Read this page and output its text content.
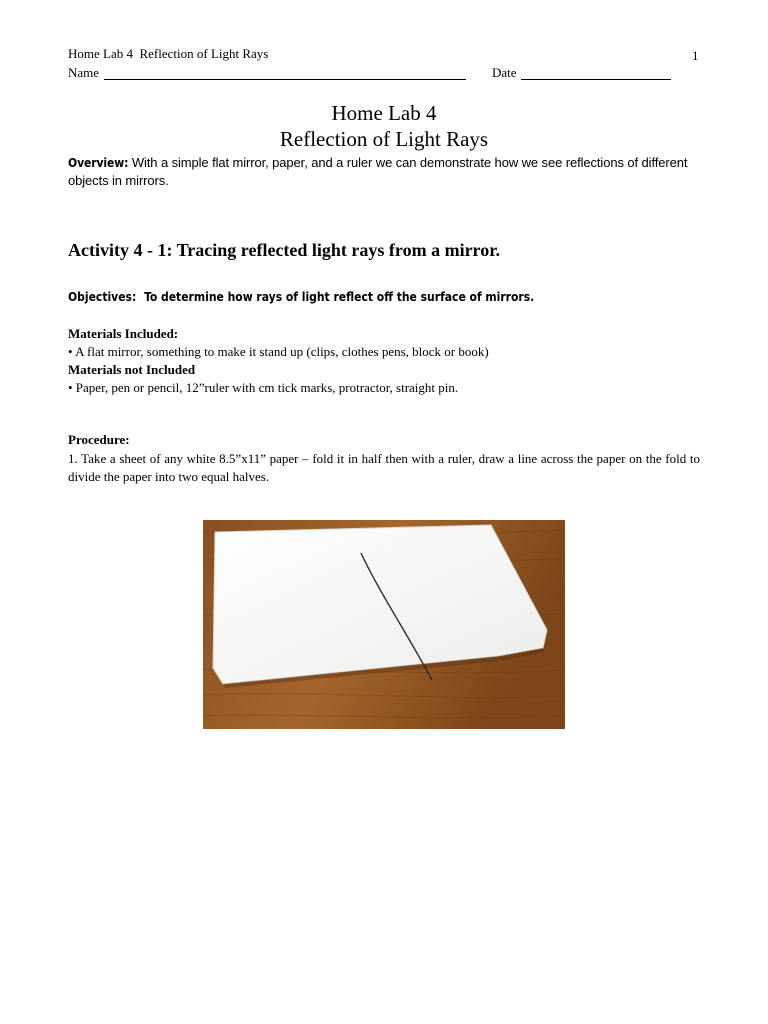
Home Lab 4  Reflection of Light Rays	1
Name	Date
Home Lab 4
Reflection of Light Rays
Overview: With a simple flat mirror, paper, and a ruler we can demonstrate how we see reflections of different objects in mirrors.
Activity 4 - 1: Tracing reflected light rays from a mirror.
Objectives: To determine how rays of light reflect off the surface of mirrors.
Materials Included:
• A flat mirror, something to make it stand up (clips, clothes pens, block or book)
Materials not Included
• Paper, pen or pencil, 12”ruler with cm tick marks, protractor, straight pin.
Procedure:
1. Take a sheet of any white 8.5”x11” paper – fold it in half then with a ruler, draw a line across the paper on the fold to divide the paper into two equal halves.
